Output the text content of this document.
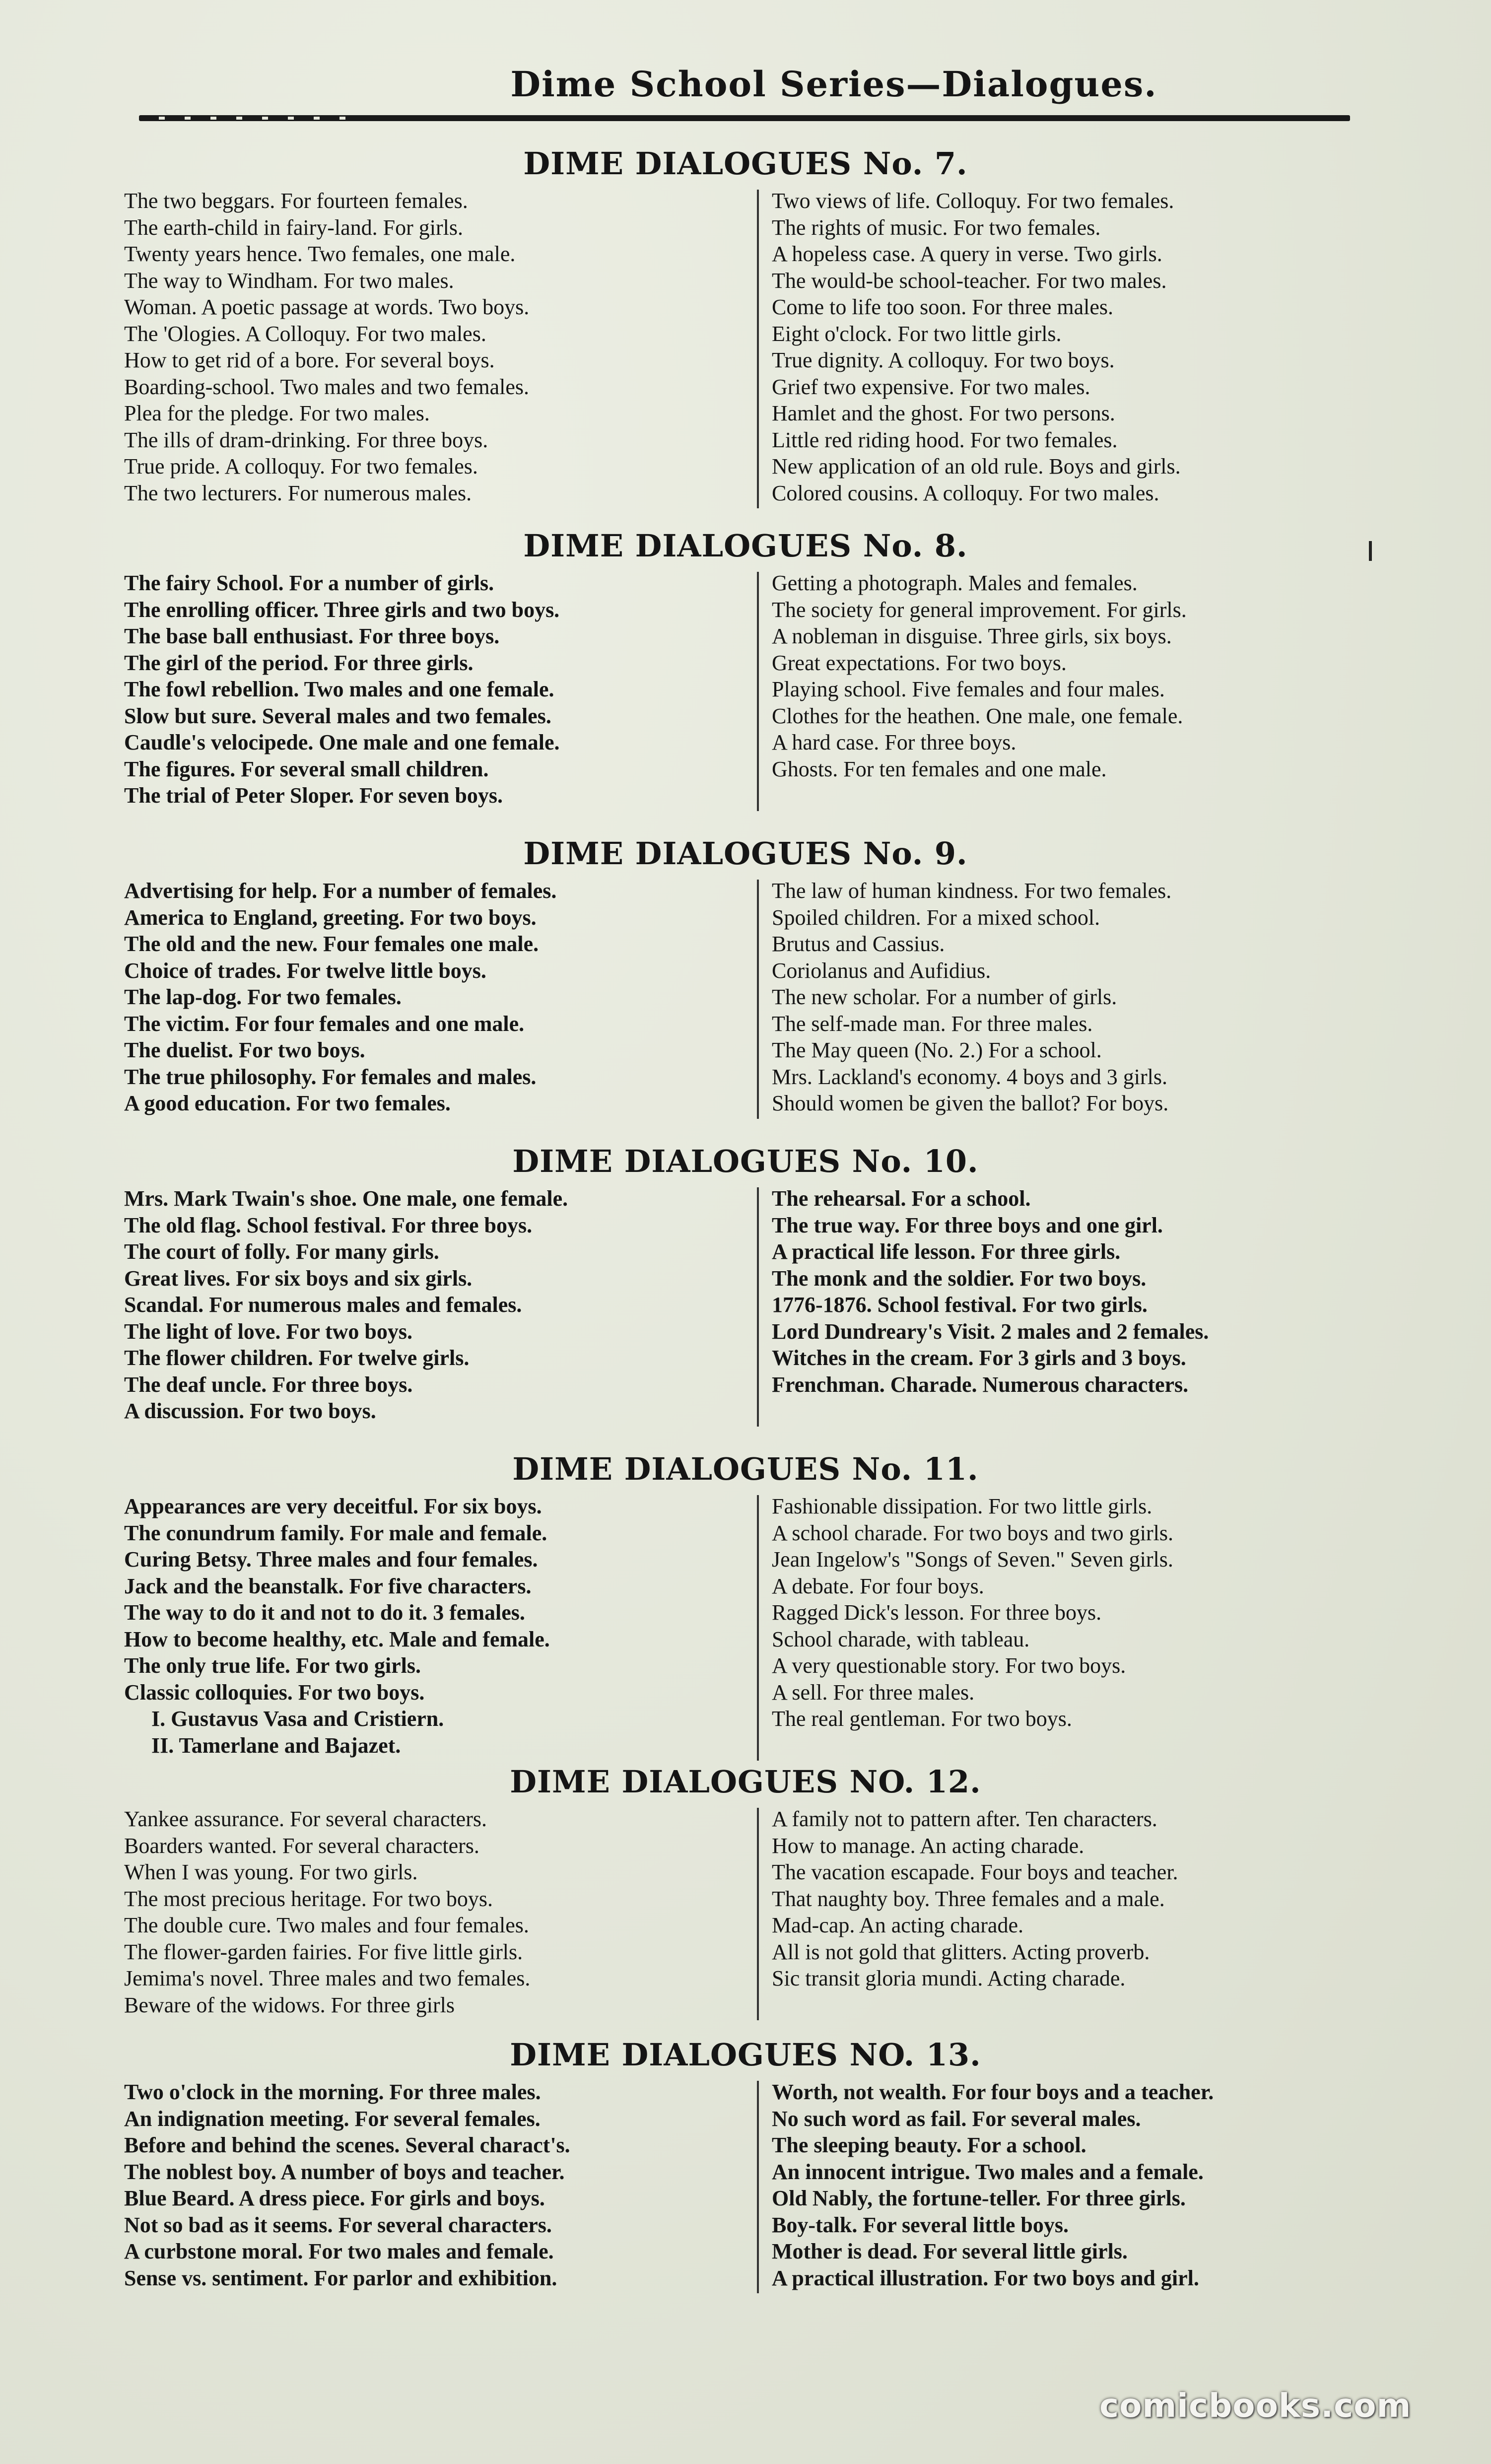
Dime School Series—Dialogues.
DIME DIALOGUES No. 7.
The two beggars. For fourteen females.
The earth-child in fairy-land. For girls.
Twenty years hence. Two females, one male.
The way to Windham. For two males.
Woman. A poetic passage at words. Two boys.
The 'Ologies. A Colloquy. For two males.
How to get rid of a bore. For several boys.
Boarding-school. Two males and two females.
Plea for the pledge. For two males.
The ills of dram-drinking. For three boys.
True pride. A colloquy. For two females.
The two lecturers. For numerous males.
Two views of life. Colloquy. For two females.
The rights of music. For two females.
A hopeless case. A query in verse. Two girls.
The would-be school-teacher. For two males.
Come to life too soon. For three males.
Eight o'clock. For two little girls.
True dignity. A colloquy. For two boys.
Grief two expensive. For two males.
Hamlet and the ghost. For two persons.
Little red riding hood. For two females.
New application of an old rule. Boys and girls.
Colored cousins. A colloquy. For two males.
DIME DIALOGUES No. 8.
The fairy School. For a number of girls.
The enrolling officer. Three girls and two boys.
The base ball enthusiast. For three boys.
The girl of the period. For three girls.
The fowl rebellion. Two males and one female.
Slow but sure. Several males and two females.
Caudle's velocipede. One male and one female.
The figures. For several small children.
The trial of Peter Sloper. For seven boys.
Getting a photograph. Males and females.
The society for general improvement. For girls.
A nobleman in disguise. Three girls, six boys.
Great expectations. For two boys.
Playing school. Five females and four males.
Clothes for the heathen. One male, one female.
A hard case. For three boys.
Ghosts. For ten females and one male.
DIME DIALOGUES No. 9.
Advertising for help. For a number of females.
America to England, greeting. For two boys.
The old and the new. Four females one male.
Choice of trades. For twelve little boys.
The lap-dog. For two females.
The victim. For four females and one male.
The duelist. For two boys.
The true philosophy. For females and males.
A good education. For two females.
The law of human kindness. For two females.
Spoiled children. For a mixed school.
Brutus and Cassius.
Coriolanus and Aufidius.
The new scholar. For a number of girls.
The self-made man. For three males.
The May queen (No. 2.) For a school.
Mrs. Lackland's economy. 4 boys and 3 girls.
Should women be given the ballot? For boys.
DIME DIALOGUES No. 10.
Mrs. Mark Twain's shoe. One male, one female.
The old flag. School festival. For three boys.
The court of folly. For many girls.
Great lives. For six boys and six girls.
Scandal. For numerous males and females.
The light of love. For two boys.
The flower children. For twelve girls.
The deaf uncle. For three boys.
A discussion. For two boys.
The rehearsal. For a school.
The true way. For three boys and one girl.
A practical life lesson. For three girls.
The monk and the soldier. For two boys.
1776-1876. School festival. For two girls.
Lord Dundreary's Visit. 2 males and 2 females.
Witches in the cream. For 3 girls and 3 boys.
Frenchman. Charade. Numerous characters.
DIME DIALOGUES No. 11.
Appearances are very deceitful. For six boys.
The conundrum family. For male and female.
Curing Betsy. Three males and four females.
Jack and the beanstalk. For five characters.
The way to do it and not to do it. 3 females.
How to become healthy, etc. Male and female.
The only true life. For two girls.
Classic colloquies. For two boys.
I. Gustavus Vasa and Cristiern.
II. Tamerlane and Bajazet.
Fashionable dissipation. For two little girls.
A school charade. For two boys and two girls.
Jean Ingelow's "Songs of Seven." Seven girls.
A debate. For four boys.
Ragged Dick's lesson. For three boys.
School charade, with tableau.
A very questionable story. For two boys.
A sell. For three males.
The real gentleman. For two boys.
DIME DIALOGUES NO. 12.
Yankee assurance. For several characters.
Boarders wanted. For several characters.
When I was young. For two girls.
The most precious heritage. For two boys.
The double cure. Two males and four females.
The flower-garden fairies. For five little girls.
Jemima's novel. Three males and two females.
Beware of the widows. For three girls
A family not to pattern after. Ten characters.
How to manage. An acting charade.
The vacation escapade. Four boys and teacher.
That naughty boy. Three females and a male.
Mad-cap. An acting charade.
All is not gold that glitters. Acting proverb.
Sic transit gloria mundi. Acting charade.
DIME DIALOGUES NO. 13.
Two o'clock in the morning. For three males.
An indignation meeting. For several females.
Before and behind the scenes. Several charact's.
The noblest boy. A number of boys and teacher.
Blue Beard. A dress piece. For girls and boys.
Not so bad as it seems. For several characters.
A curbstone moral. For two males and female.
Sense vs. sentiment. For parlor and exhibition.
Worth, not wealth. For four boys and a teacher.
No such word as fail. For several males.
The sleeping beauty. For a school.
An innocent intrigue. Two males and a female.
Old Nably, the fortune-teller. For three girls.
Boy-talk. For several little boys.
Mother is dead. For several little girls.
A practical illustration. For two boys and girl.
comicbooks.com
